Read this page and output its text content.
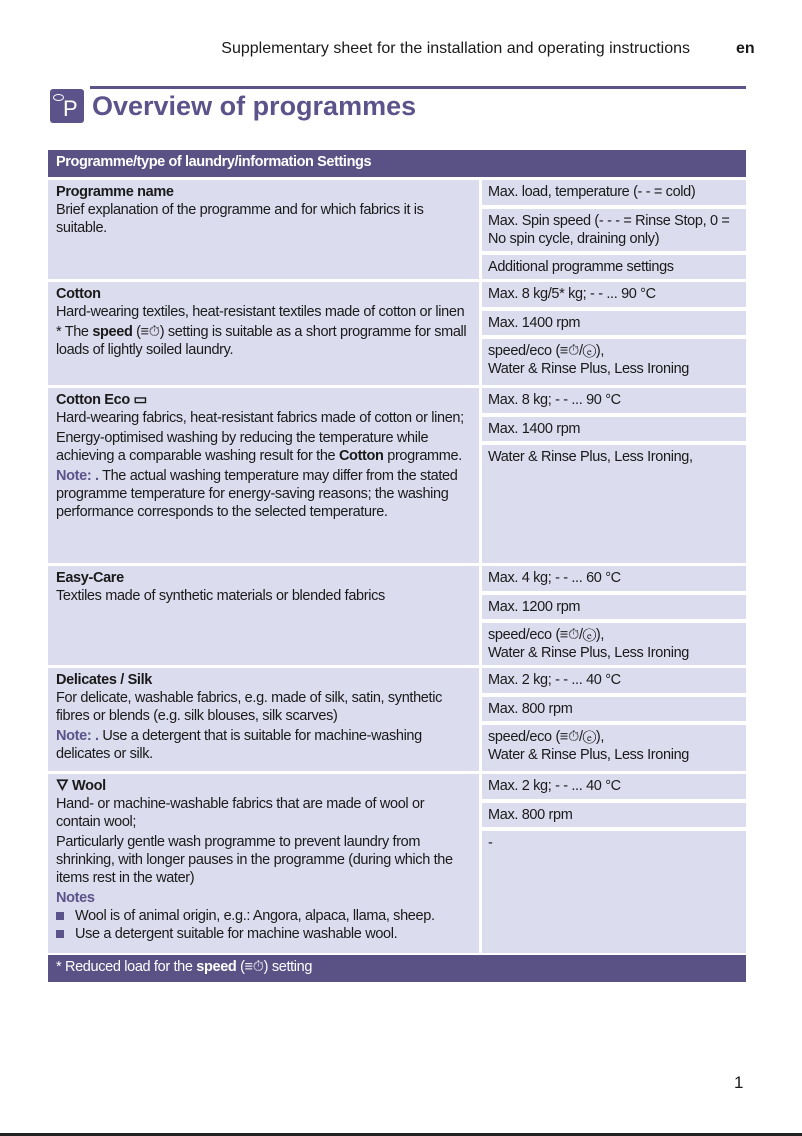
Supplementary sheet for the installation and operating instructions	en
P Overview of programmes
Programme/type of laundry/information Settings
Programme name
Brief explanation of the programme and for which fabrics it is suitable.
Max. load, temperature (- - = cold)
Max. Spin speed (- - - = Rinse Stop, 0 = No spin cycle, draining only)
Additional programme settings
Cotton

Hard-wearing textiles, heat-resistant textiles made of cotton or linen

* The speed (≡⏱) setting is suitable as a short programme for small loads of lightly soiled laundry.
Max. 8 kg/5* kg; - - ... 90 °C
Max. 1400 rpm
speed/eco (≡⏱/ⓔ),
Water & Rinse Plus, Less Ironing
Cotton Eco ▭

Hard-wearing fabrics, heat-resistant fabrics made of cotton or linen;

Energy-optimised washing by reducing the temperature while achieving a comparable washing result for the Cotton programme.

Note: . The actual washing temperature may differ from the stated programme temperature for energy-saving reasons; the washing performance corresponds to the selected temperature.
Max. 8 kg; - - ... 90 °C
Max. 1400 rpm
Water & Rinse Plus, Less Ironing,
Easy-Care
Textiles made of synthetic materials or blended fabrics
Max. 4 kg; - - ... 60 °C
Max. 1200 rpm
speed/eco (≡⏱/ⓔ),
Water & Rinse Plus, Less Ironing
Delicates / Silk

For delicate, washable fabrics, e.g. made of silk, satin, synthetic fibres or blends (e.g. silk blouses, silk scarves)

Note: . Use a detergent that is suitable for machine-washing delicates or silk.
Max. 2 kg; - - ... 40 °C
Max. 800 rpm
speed/eco (≡⏱/ⓔ),
Water & Rinse Plus, Less Ironing
🜄 Wool

Hand- or machine-washable fabrics that are made of wool or contain wool;

Particularly gentle wash programme to prevent laundry from shrinking, with longer pauses in the programme (during which the items rest in the water)

Notes
Wool is of animal origin, e.g.: Angora, alpaca, llama, sheep.
Use a detergent suitable for machine washable wool.
Max. 2 kg; - - ... 40 °C
Max. 800 rpm
-
* Reduced load for the speed (≡⏱) setting
1
